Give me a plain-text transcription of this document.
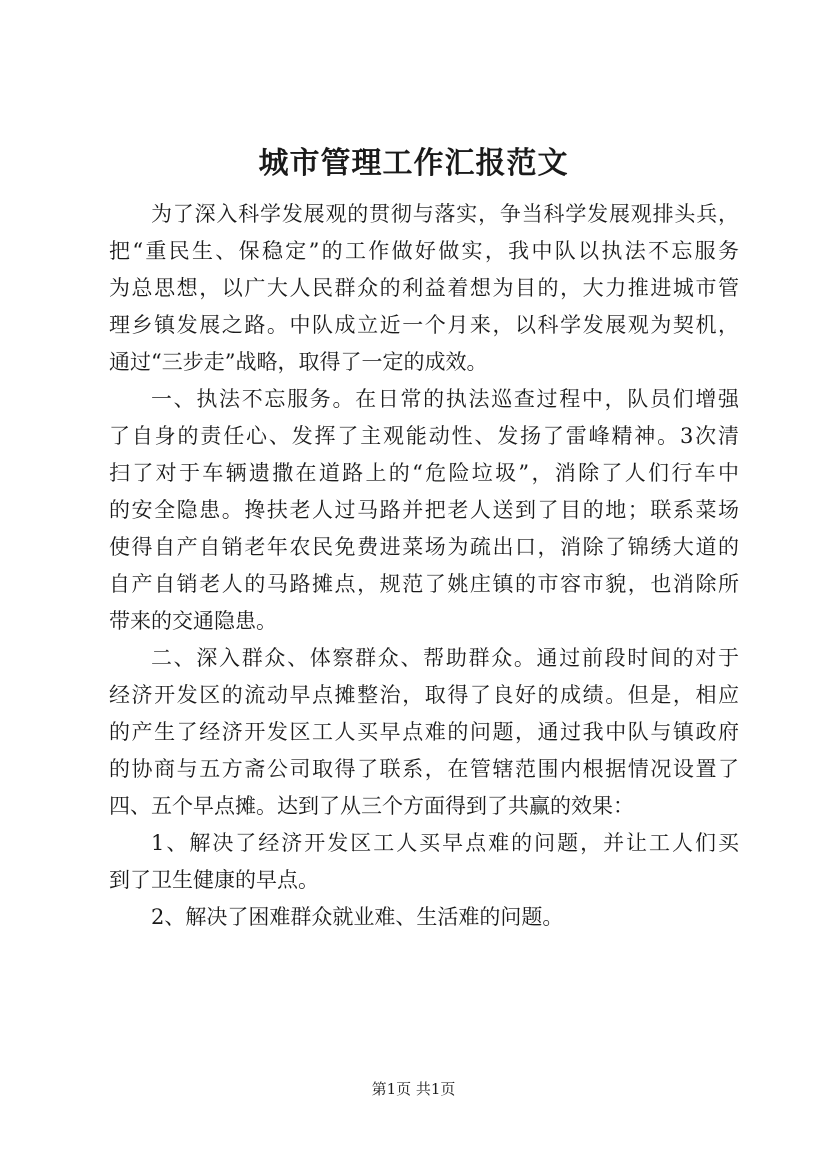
城市管理工作汇报范文
为了深入科学发展观的贯彻与落实，争当科学发展观排头兵，
把“重民生、保稳定”的工作做好做实，我中队以执法不忘服务
为总思想，以广大人民群众的利益着想为目的，大力推进城市管
理乡镇发展之路。中队成立近一个月来，以科学发展观为契机，
通过“三步走”战略，取得了一定的成效。
一、执法不忘服务。在日常的执法巡查过程中，队员们增强
了自身的责任心、发挥了主观能动性、发扬了雷峰精神。3次清
扫了对于车辆遗撒在道路上的“危险垃圾”，消除了人们行车中
的安全隐患。搀扶老人过马路并把老人送到了目的地；联系菜场
使得自产自销老年农民免费进菜场为疏出口，消除了锦绣大道的
自产自销老人的马路摊点，规范了姚庄镇的市容市貌，也消除所
带来的交通隐患。
二、深入群众、体察群众、帮助群众。通过前段时间的对于
经济开发区的流动早点摊整治，取得了良好的成绩。但是，相应
的产生了经济开发区工人买早点难的问题，通过我中队与镇政府
的协商与五方斋公司取得了联系，在管辖范围内根据情况设置了
四、五个早点摊。达到了从三个方面得到了共赢的效果：
1、解决了经济开发区工人买早点难的问题，并让工人们买
到了卫生健康的早点。
2、解决了困难群众就业难、生活难的问题。
第1页 共1页
